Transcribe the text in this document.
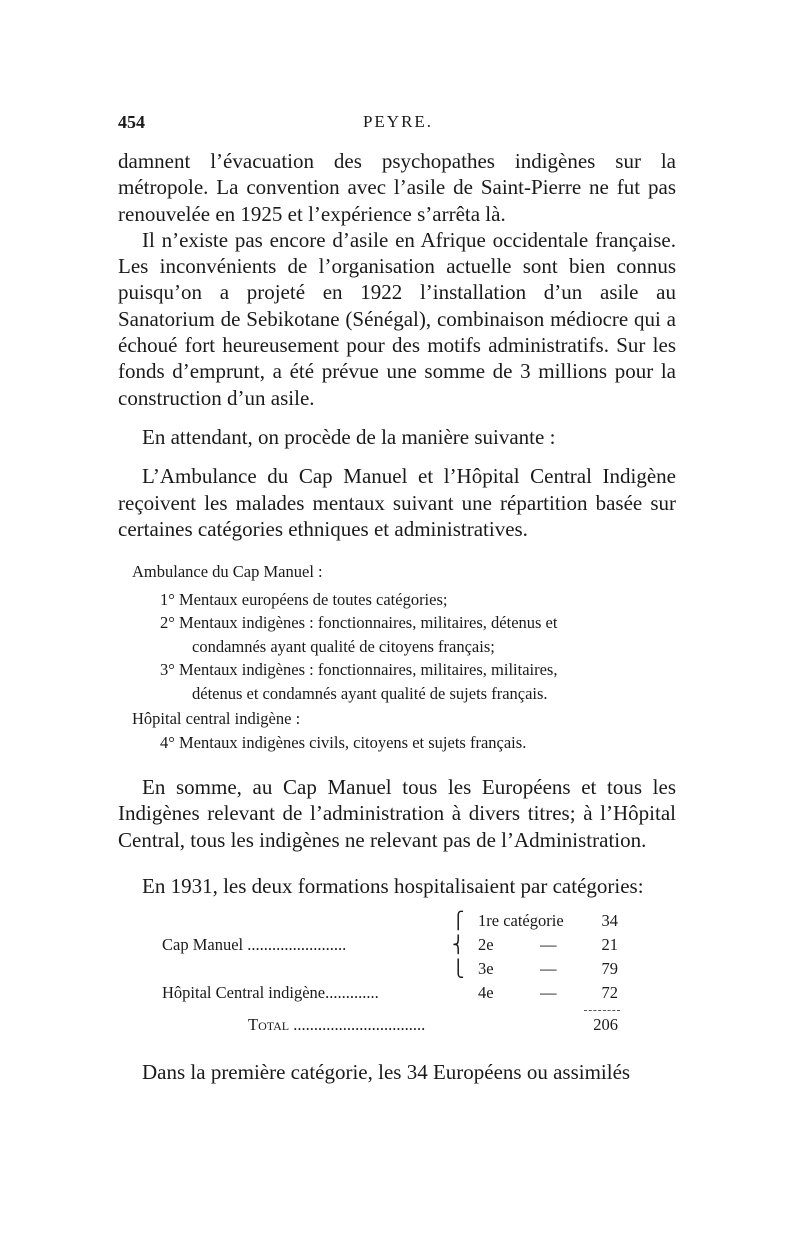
454	PEYRE.

damnent l’évacuation des psychopathes indigènes sur la métropole. La convention avec l’asile de Saint-Pierre ne fut pas renouvelée en 1925 et l’expérience s’arrêta là.

Il n’existe pas encore d’asile en Afrique occidentale française. Les inconvénients de l’organisation actuelle sont bien connus puisqu’on a projeté en 1922 l’installation d’un asile au Sanatorium de Sebikotane (Sénégal), combinaison médiocre qui a échoué fort heureusement pour des motifs administratifs. Sur les fonds d’emprunt, a été prévue une somme de 3 millions pour la construction d’un asile.

En attendant, on procède de la manière suivante :

L’Ambulance du Cap Manuel et l’Hôpital Central Indigène reçoivent les malades mentaux suivant une répartition basée sur certaines catégories ethniques et administratives.

Ambulance du Cap Manuel :

1° Mentaux européens de toutes catégories;

2° Mentaux indigènes : fonctionnaires, militaires, détenus et

condamnés ayant qualité de citoyens français;

3° Mentaux indigènes : fonctionnaires, militaires, militaires,

détenus et condamnés ayant qualité de sujets français.

Hôpital central indigène :

4° Mentaux indigènes civils, citoyens et sujets français.

En somme, au Cap Manuel tous les Européens et tous les Indigènes relevant de l’administration à divers titres; à l’Hôpital Central, tous les indigènes ne relevant pas de l’Administration.

En 1931, les deux formations hospitalisaient par catégories:

⎧ 1re catégorie 34
Cap Manuel ........................	⎨ 2e	—	21
⎩ 3e	—	79
Hôpital Central indigène.............	4e	—	72
Total ................................	206

Dans la première catégorie, les 34 Européens ou assimilés
